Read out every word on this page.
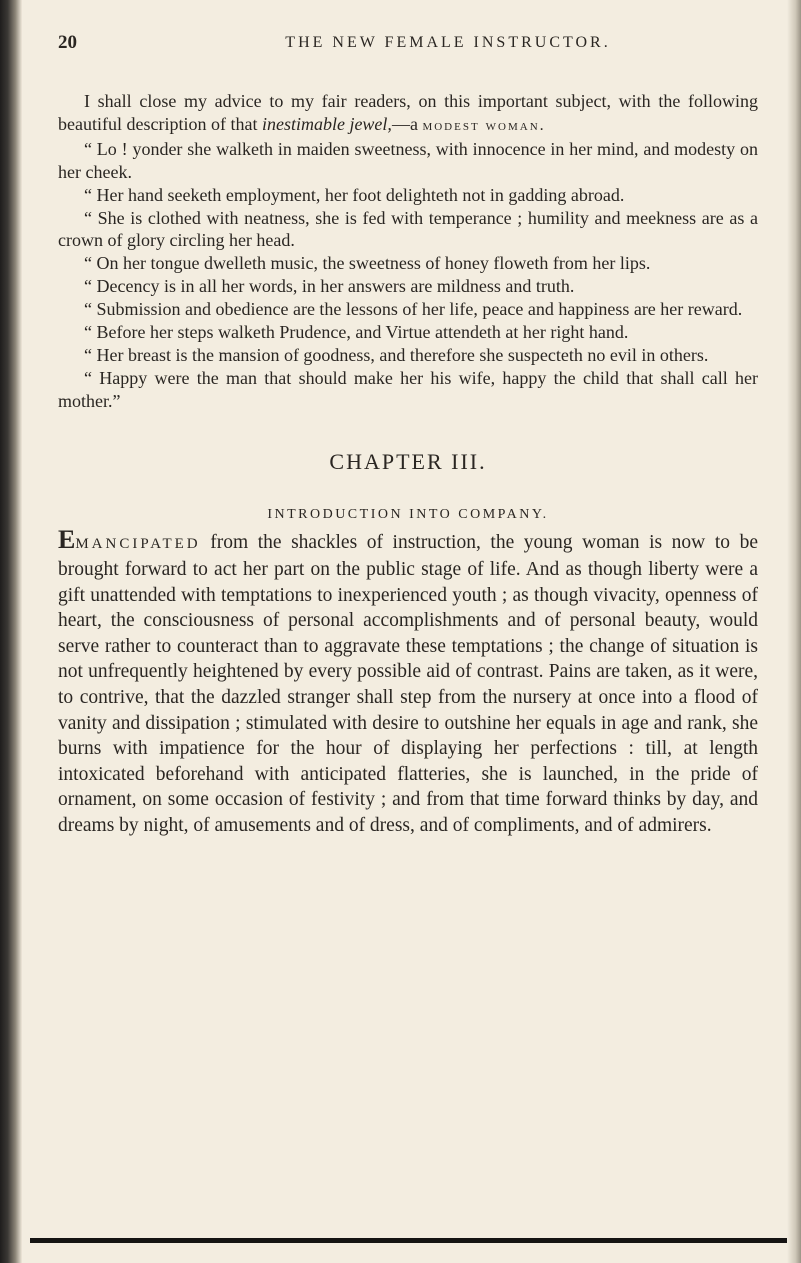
20	THE NEW FEMALE INSTRUCTOR.

I shall close my advice to my fair readers, on this important subject, with the following beautiful description of that inestimable jewel,—a modest woman.

“ Lo ! yonder she walketh in maiden sweetness, with innocence in her mind, and modesty on her cheek.

“ Her hand seeketh employment, her foot delighteth not in gadding abroad.

“ She is clothed with neatness, she is fed with temperance ; humility and meekness are as a crown of glory circling her head.

“ On her tongue dwelleth music, the sweetness of honey floweth from her lips.

“ Decency is in all her words, in her answers are mildness and truth.

“ Submission and obedience are the lessons of her life, peace and happiness are her reward.

“ Before her steps walketh Prudence, and Virtue attendeth at her right hand.

“ Her breast is the mansion of goodness, and therefore she suspecteth no evil in others.

“ Happy were the man that should make her his wife, happy the child that shall call her mother.”

CHAPTER III.
INTRODUCTION INTO COMPANY.

EMANCIPATED from the shackles of instruction, the young woman is now to be brought forward to act her part on the public stage of life. And as though liberty were a gift unattended with temptations to inexperienced youth ; as though vivacity, openness of heart, the consciousness of personal accomplishments and of personal beauty, would serve rather to counteract than to aggravate these temptations ; the change of situation is not unfrequently heightened by every possible aid of contrast. Pains are taken, as it were, to contrive, that the dazzled stranger shall step from the nursery at once into a flood of vanity and dissipation ; stimulated with desire to outshine her equals in age and rank, she burns with impatience for the hour of displaying her perfections : till, at length intoxicated beforehand with anticipated flatteries, she is launched, in the pride of ornament, on some occasion of festivity ; and from that time forward thinks by day, and dreams by night, of amusements and of dress, and of compliments, and of admirers.
